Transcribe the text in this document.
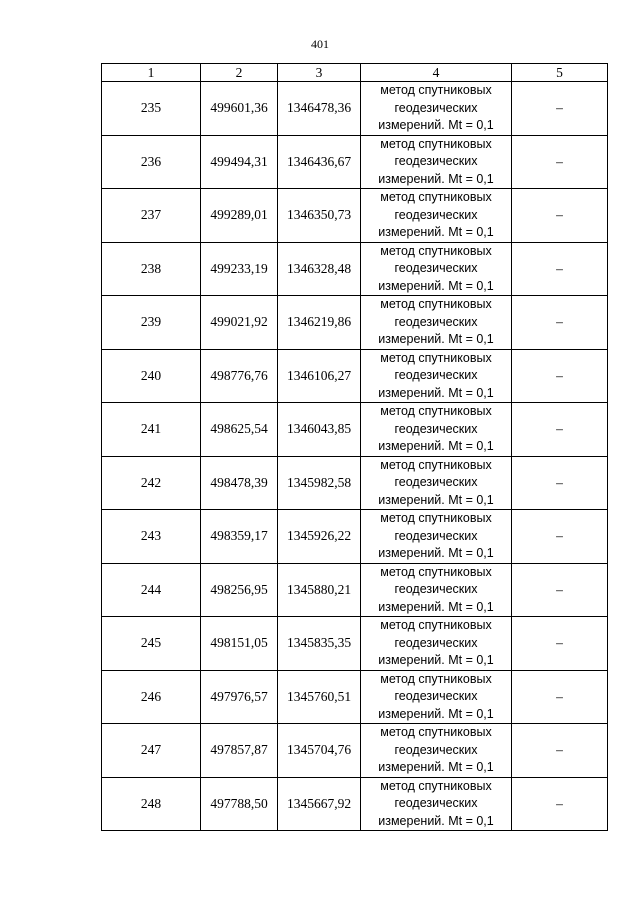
401
1	2	3	4	5
235	499601,36	1346478,36	метод спутниковых
геодезических
измерений. Mt = 0,1	–
236	499494,31	1346436,67	метод спутниковых
геодезических
измерений. Mt = 0,1	–
237	499289,01	1346350,73	метод спутниковых
геодезических
измерений. Mt = 0,1	–
238	499233,19	1346328,48	метод спутниковых
геодезических
измерений. Mt = 0,1	–
239	499021,92	1346219,86	метод спутниковых
геодезических
измерений. Mt = 0,1	–
240	498776,76	1346106,27	метод спутниковых
геодезических
измерений. Mt = 0,1	–
241	498625,54	1346043,85	метод спутниковых
геодезических
измерений. Mt = 0,1	–
242	498478,39	1345982,58	метод спутниковых
геодезических
измерений. Mt = 0,1	–
243	498359,17	1345926,22	метод спутниковых
геодезических
измерений. Mt = 0,1	–
244	498256,95	1345880,21	метод спутниковых
геодезических
измерений. Mt = 0,1	–
245	498151,05	1345835,35	метод спутниковых
геодезических
измерений. Mt = 0,1	–
246	497976,57	1345760,51	метод спутниковых
геодезических
измерений. Mt = 0,1	–
247	497857,87	1345704,76	метод спутниковых
геодезических
измерений. Mt = 0,1	–
248	497788,50	1345667,92	метод спутниковых
геодезических
измерений. Mt = 0,1	–
